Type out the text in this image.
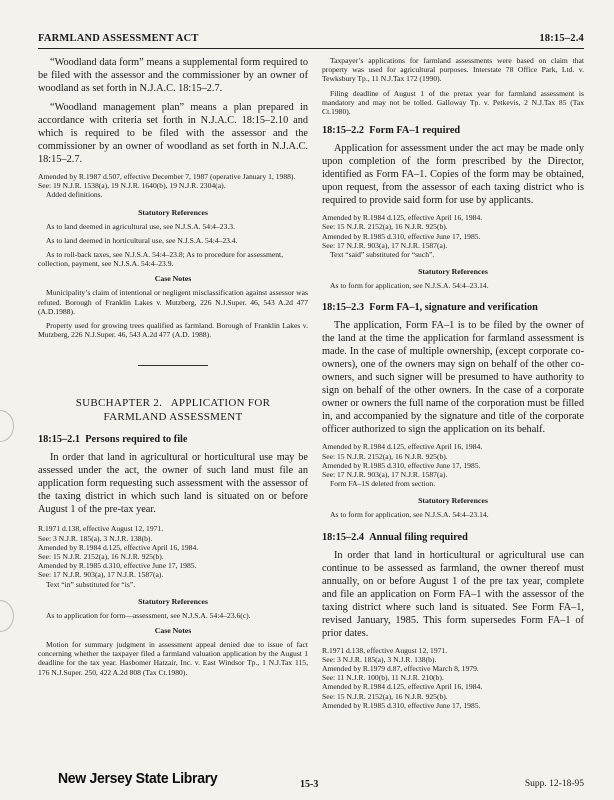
FARMLAND ASSESSMENT ACT	18:15–2.4

“Woodland data form” means a supplemental form required to be filed with the assessor and the commissioner by an owner of woodland as set forth in N.J.A.C. 18:15–2.7.

“Woodland management plan” means a plan prepared in accordance with criteria set forth in N.J.A.C. 18:15–2.10 and which is required to be filed with the assessor and the commissioner by an owner of woodland as set forth in N.J.A.C. 18:15–2.7.

Amended by R.1987 d.507, effective December 7, 1987 (operative January 1, 1988).
See: 19 N.J.R. 1538(a), 19 N.J.R. 1640(b), 19 N.J.R. 2304(a).
Added definitions.
Statutory References

As to land deemed in agricultural use, see N.J.S.A. 54:4–23.3.

As to land deemed in horticultural use, see N.J.S.A. 54:4–23.4.

As to roll-back taxes, see N.J.S.A. 54:4–23.8; As to procedure for assessment, collection, payment, see N.J.S.A. 54:4–23.9.

Case Notes

Municipality’s claim of intentional or negligent misclassification against assessor was refuted. Borough of Franklin Lakes v. Mutzberg, 226 N.J.Super. 46, 543 A.2d 477 (A.D.1988).

Property used for growing trees qualified as farmland. Borough of Franklin Lakes v. Mutzberg, 226 N.J.Super. 46, 543 A.2d 477 (A.D. 1988).

SUBCHAPTER 2.   APPLICATION FOR
FARMLAND ASSESSMENT
18:15–2.1 Persons required to file

In order that land in agricultural or horticultural use may be assessed under the act, the owner of such land must file an application form requesting such assessment with the assessor of the taxing district in which such land is situated on or before August 1 of the pre-tax year.

R.1971 d.138, effective August 12, 1971.
See: 3 N.J.R. 185(a), 3 N.J.R. 138(b).
Amended by R.1984 d.125, effective April 16, 1984.
See: 15 N.J.R. 2152(a), 16 N.J.R. 925(b).
Amended by R.1985 d.310, effective June 17, 1985.
See: 17 N.J.R. 903(a), 17 N.J.R. 1587(a).
Text “in” substituted for “is”.
Statutory References

As to application for form—assessment, see N.J.S.A. 54:4–23.6(c).

Case Notes

Motion for summary judgment in assessment appeal denied due to issue of fact concerning whether the taxpayer filed a farmland valuation application by the August 1 deadline for the tax year. Hasbomer Hatzair, Inc. v. East Windsor Tp., 1 N.J.Tax 115, 176 N.J.Super. 250, 422 A.2d 808 (Tax Ct.1980).

Taxpayer’s applications for farmland assessments were based on claim that property was used for agricultural purposes. Interstate 78 Office Park, Ltd. v. Tewksbury Tp., 11 N.J.Tax 172 (1990).

Filing deadline of August 1 of the pretax year for farmland assessment is mandatory and may not be tolled. Galloway Tp. v. Petkevis, 2 N.J.Tax 85 (Tax Ct.1980).

18:15–2.2 Form FA–1 required

Application for assessment under the act may be made only upon completion of the form prescribed by the Director, identified as Form FA–1. Copies of the form may be obtained, upon request, from the assessor of each taxing district who is required to provide said form for use by applicants.

Amended by R.1984 d.125, effective April 16, 1984.
See: 15 N.J.R. 2152(a), 16 N.J.R. 925(b).
Amended by R.1985 d.310, effective June 17, 1985.
See: 17 N.J.R. 903(a), 17 N.J.R. 1587(a).
Text “said” substituted for “such”.
Statutory References

As to form for application, see N.J.S.A. 54:4–23.14.

18:15–2.3 Form FA–1, signature and verification

The application, Form FA–1 is to be filed by the owner of the land at the time the application for farmland assessment is made. In the case of multiple ownership, (except corporate co-owners), one of the owners may sign on behalf of the other co-owners, and such signer will be presumed to have authority to sign on behalf of the other owners. In the case of a corporate owner or owners the full name of the corporation must be filled in, and accompanied by the signature and title of the corporate officer authorized to sign the application on its behalf.

Amended by R.1984 d.125, effective April 16, 1984.
See: 15 N.J.R. 2152(a), 16 N.J.R. 925(b).
Amended by R.1985 d.310, effective June 17, 1985.
See: 17 N.J.R. 903(a), 17 N.J.R. 1587(a).
Form FA–1S deleted from section.
Statutory References

As to form for application, see N.J.S.A. 54:4–23.14.

18:15–2.4 Annual filing required

In order that land in horticultural or agricultural use can continue to be assessed as farmland, the owner thereof must annually, on or before August 1 of the pre tax year, complete and file an application on Form FA–1 with the assessor of the taxing district where such land is situated. See Form FA–1, revised January, 1985. This form supersedes Form FA–1 of prior dates.

R.1971 d.138, effective August 12, 1971.
See: 3 N.J.R. 185(a), 3 N.J.R. 138(b).
Amended by R.1979 d.87, effective March 8, 1979.
See: 11 N.J.R. 100(b), 11 N.J.R. 210(b).
Amended by R.1984 d.125, effective April 16, 1984.
See: 15 N.J.R. 2152(a), 16 N.J.R. 925(b).
Amended by R.1985 d.310, effective June 17, 1985.
New Jersey State Library	15-3	Supp. 12-18-95
